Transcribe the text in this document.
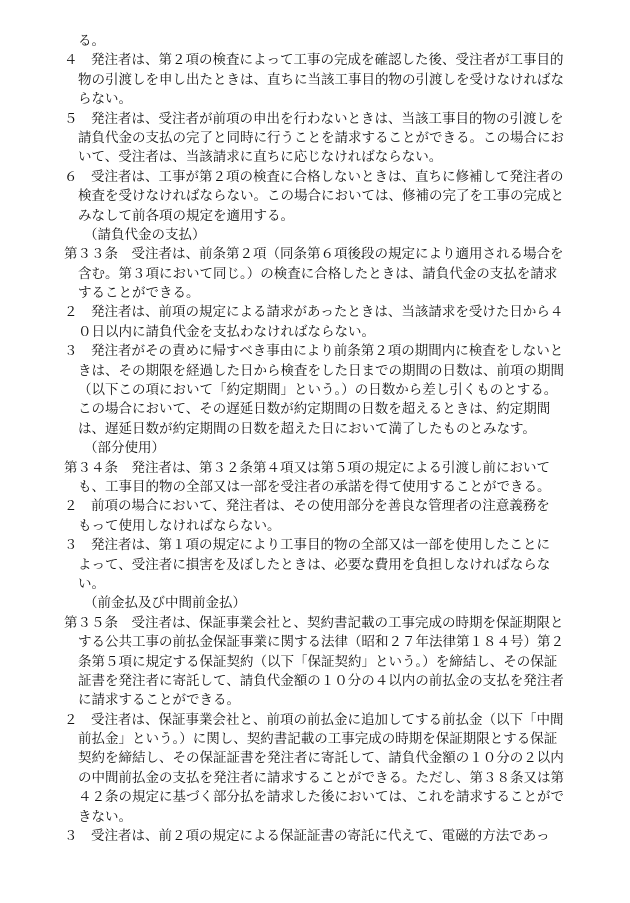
る。
４　発注者は、第２項の検査によって工事の完成を確認した後、受注者が工事目的
物の引渡しを申し出たときは、直ちに当該工事目的物の引渡しを受けなければな
らない。
５　発注者は、受注者が前項の申出を行わないときは、当該工事目的物の引渡しを
請負代金の支払の完了と同時に行うことを請求することができる。この場合にお
いて、受注者は、当該請求に直ちに応じなければならない。
６　受注者は、工事が第２項の検査に合格しないときは、直ちに修補して発注者の
検査を受けなければならない。この場合においては、修補の完了を工事の完成と
みなして前各項の規定を適用する。
（請負代金の支払）
第３３条　受注者は、前条第２項（同条第６項後段の規定により適用される場合を
含む。第３項において同じ。）の検査に合格したときは、請負代金の支払を請求
することができる。
２　発注者は、前項の規定による請求があったときは、当該請求を受けた日から４
０日以内に請負代金を支払わなければならない。
３　発注者がその責めに帰すべき事由により前条第２項の期間内に検査をしないと
きは、その期限を経過した日から検査をした日までの期間の日数は、前項の期間
（以下この項において「約定期間」という。）の日数から差し引くものとする。
この場合において、その遅延日数が約定期間の日数を超えるときは、約定期間
は、遅延日数が約定期間の日数を超えた日において満了したものとみなす。
（部分使用）
第３４条　発注者は、第３２条第４項又は第５項の規定による引渡し前において
も、工事目的物の全部又は一部を受注者の承諾を得て使用することができる。
２　前項の場合において、発注者は、その使用部分を善良な管理者の注意義務を
もって使用しなければならない。
３　発注者は、第１項の規定により工事目的物の全部又は一部を使用したことに
よって、受注者に損害を及ぼしたときは、必要な費用を負担しなければならな
い。
（前金払及び中間前金払）
第３５条　受注者は、保証事業会社と、契約書記載の工事完成の時期を保証期限と
する公共工事の前払金保証事業に関する法律（昭和２７年法律第１８４号）第２
条第５項に規定する保証契約（以下「保証契約」という。）を締結し、その保証
証書を発注者に寄託して、請負代金額の１０分の４以内の前払金の支払を発注者
に請求することができる。
２　受注者は、保証事業会社と、前項の前払金に追加してする前払金（以下「中間
前払金」という。）に関し、契約書記載の工事完成の時期を保証期限とする保証
契約を締結し、その保証証書を発注者に寄託して、請負代金額の１０分の２以内
の中間前払金の支払を発注者に請求することができる。ただし、第３８条又は第
４２条の規定に基づく部分払を請求した後においては、これを請求することがで
きない。
３　受注者は、前２項の規定による保証証書の寄託に代えて、電磁的方法であっ
